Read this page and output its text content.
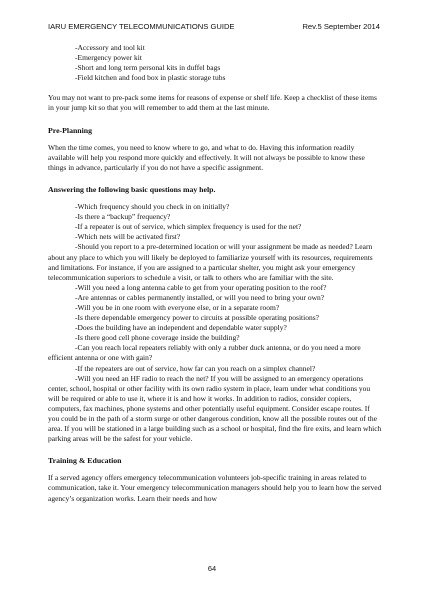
IARU EMERGENCY TELECOMMUNICATIONS GUIDE	Rev.5 September 2014
-Accessory and tool kit
-Emergency power kit
-Short and long term personal kits in duffel bags
-Field kitchen and food box in plastic storage tubs

You may not want to pre-pack some items for reasons of expense or shelf life. Keep a checklist of these items in your jump kit so that you will remember to add them at the last minute.

Pre-Planning

When the time comes, you need to know where to go, and what to do. Having this information readily available will help you respond more quickly and effectively. It will not always be possible to know these things in advance, particularly if you do not have a specific assignment.

Answering the following basic questions may help.
-Which frequency should you check in on initially?
-Is there a “backup” frequency?
-If a repeater is out of service, which simplex frequency is used for the net?
-Which nets will be activated first?

-Should you report to a pre-determined location or will your assignment be made as needed? Learn about any place to which you will likely be deployed to familiarize yourself with its resources, requirements and limitations. For instance, if you are assigned to a particular shelter, you might ask your emergency telecommunication superiors to schedule a visit, or talk to others who are familiar with the site.

-Will you need a long antenna cable to get from your operating position to the roof?
-Are antennas or cables permanently installed, or will you need to bring your own?
-Will you be in one room with everyone else, or in a separate room?
-Is there dependable emergency power to circuits at possible operating positions?
-Does the building have an independent and dependable water supply?
-Is there good cell phone coverage inside the building?

-Can you reach local repeaters reliably with only a rubber duck antenna, or do you need a more efficient antenna or one with gain?

-If the repeaters are out of service, how far can you reach on a simplex channel?

-Will you need an HF radio to reach the net? If you will be assigned to an emergency operations center, school, hospital or other facility with its own radio system in place, learn under what conditions you will be required or able to use it, where it is and how it works. In addition to radios, consider copiers, computers, fax machines, phone systems and other potentially useful equipment. Consider escape routes. If you could be in the path of a storm surge or other dangerous condition, know all the possible routes out of the area. If you will be stationed in a large building such as a school or hospital, find the fire exits, and learn which parking areas will be the safest for your vehicle.

Training & Education

If a served agency offers emergency telecommunication volunteers job-specific training in areas related to communication, take it. Your emergency telecommunication managers should help you to learn how the served agency’s organization works. Learn their needs and how

64
